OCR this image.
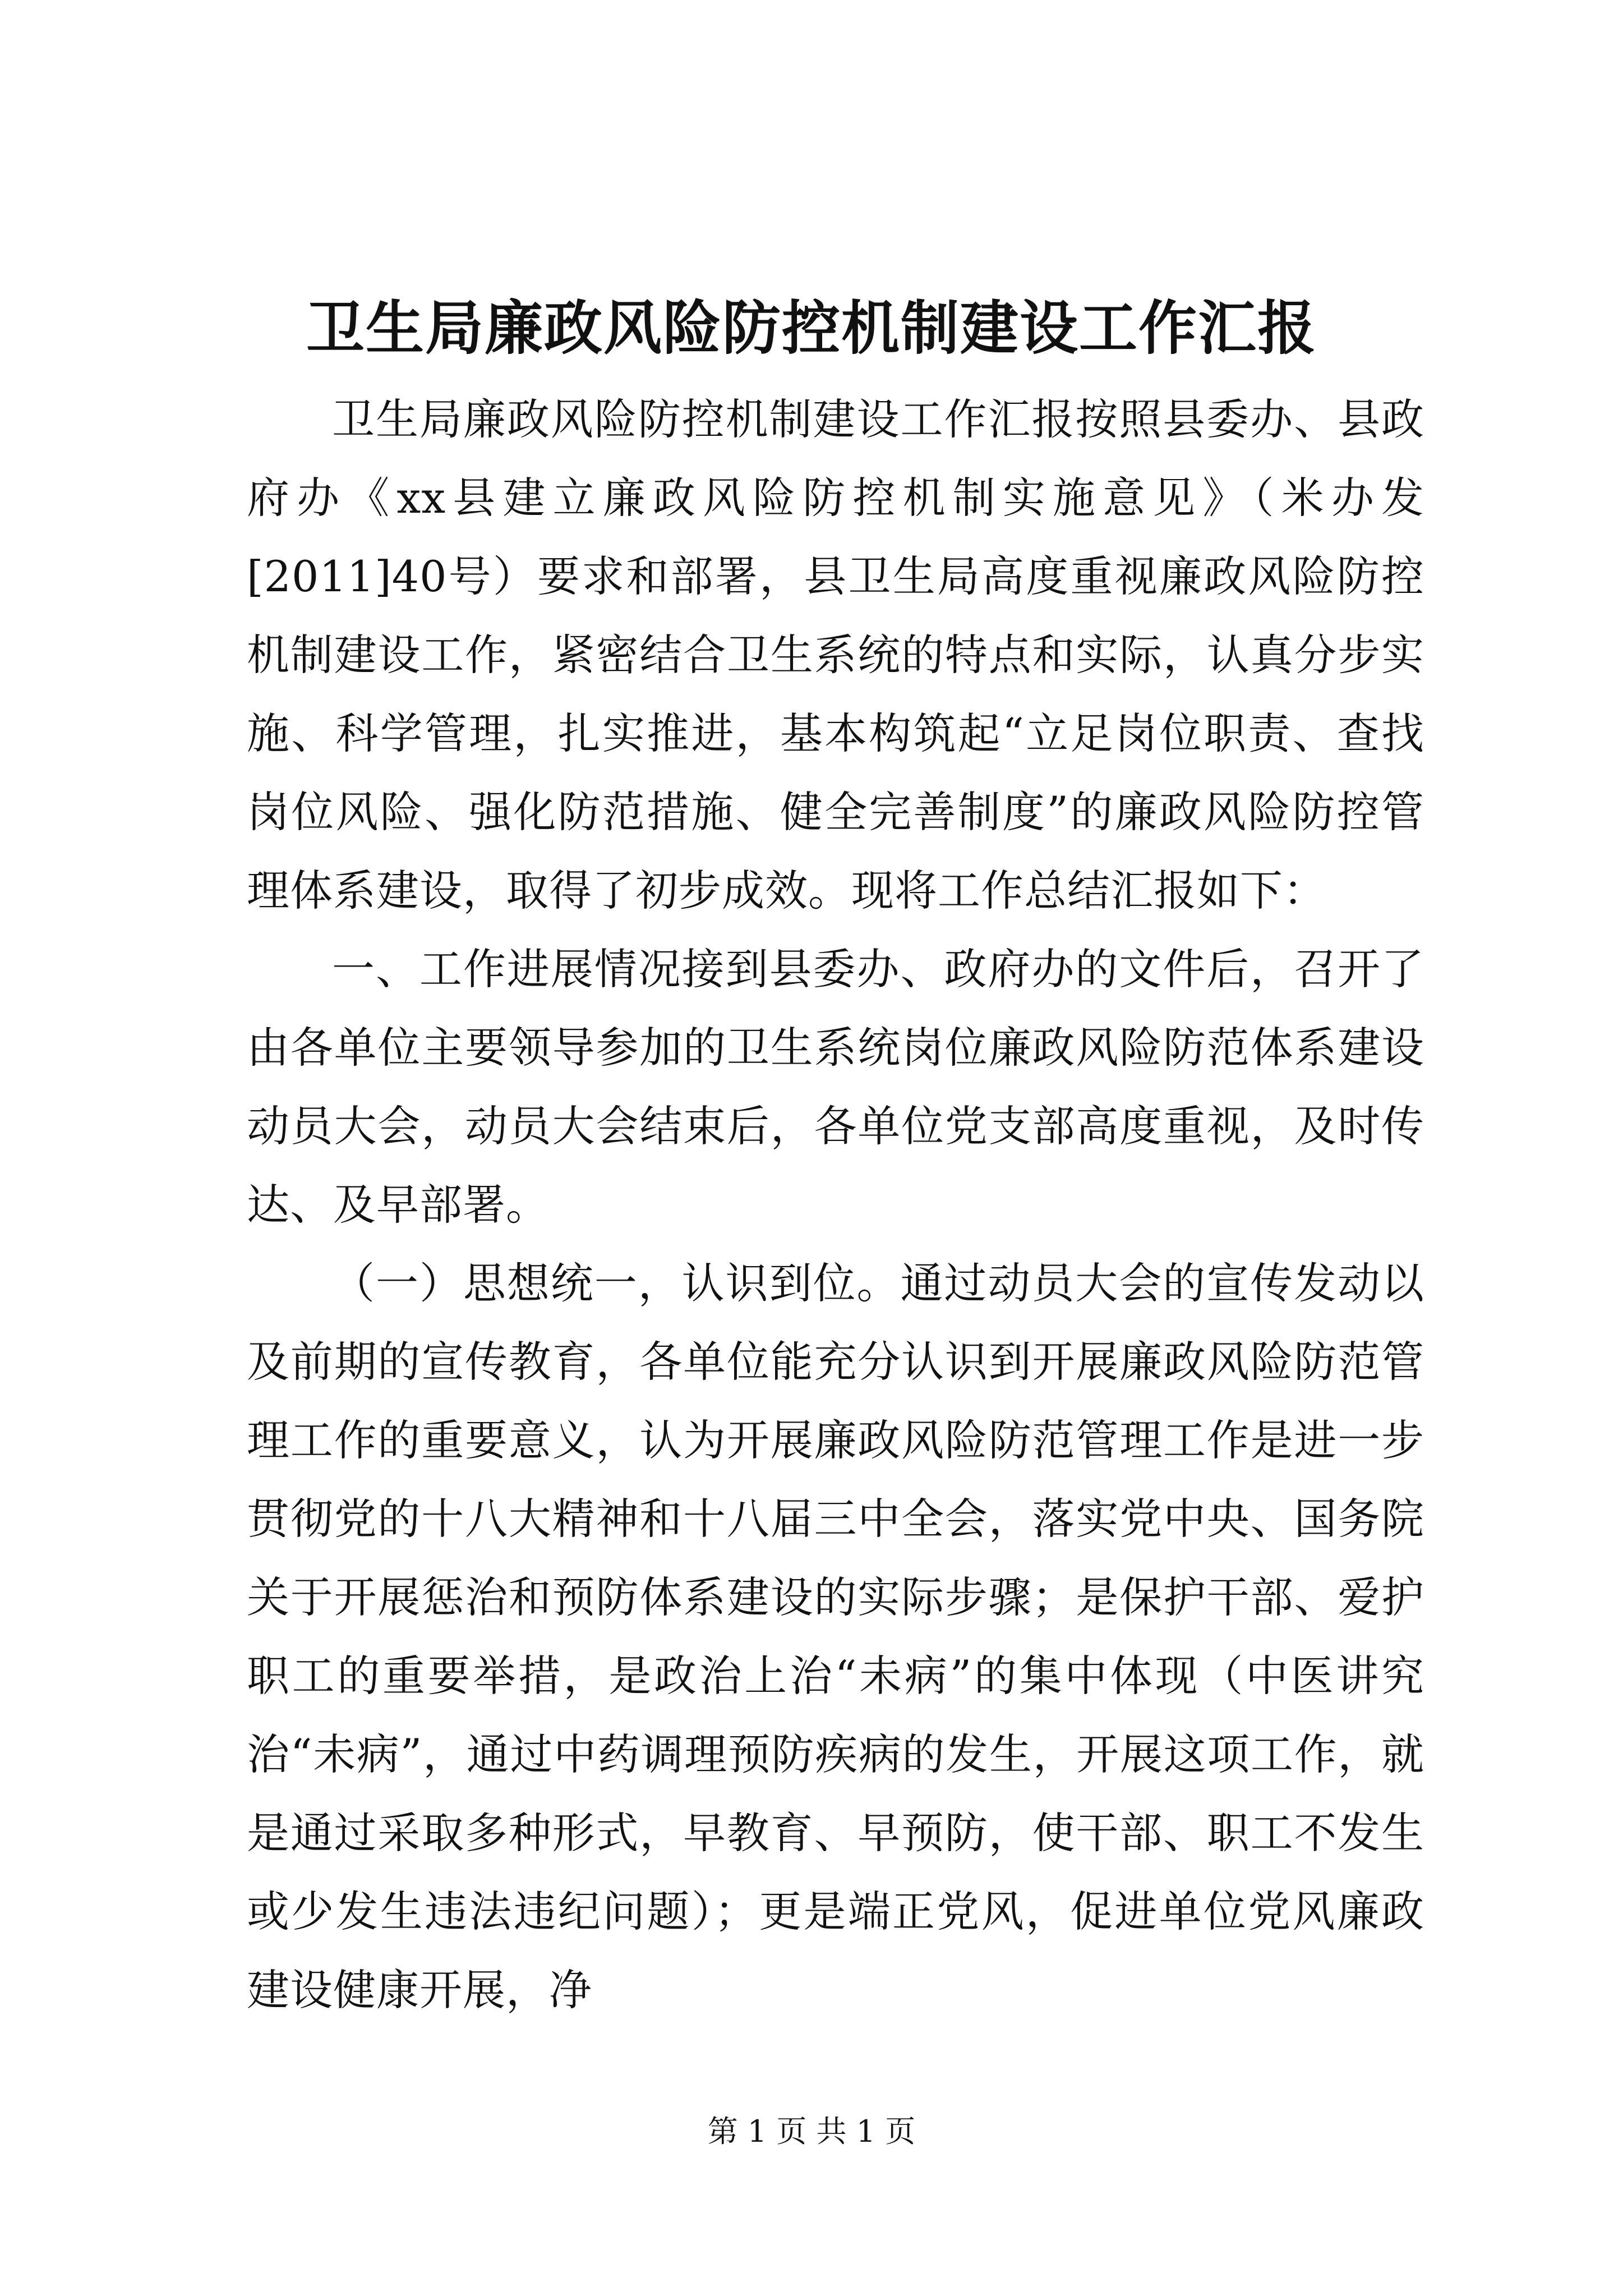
卫生局廉政风险防控机制建设工作汇报

卫生局廉政风险防控机制建设工作汇报按照县委办、县政府办《xx县建立廉政风险防控机制实施意见》（米办发[2011]40号）要求和部署，县卫生局高度重视廉政风险防控机制建设工作，紧密结合卫生系统的特点和实际，认真分步实施、科学管理，扎实推进，基本构筑起“立足岗位职责、查找岗位风险、强化防范措施、健全完善制度”的廉政风险防控管理体系建设，取得了初步成效。现将工作总结汇报如下：

一、工作进展情况接到县委办、政府办的文件后，召开了由各单位主要领导参加的卫生系统岗位廉政风险防范体系建设动员大会，动员大会结束后，各单位党支部高度重视，及时传达、及早部署。

（一）思想统一，认识到位。通过动员大会的宣传发动以及前期的宣传教育，各单位能充分认识到开展廉政风险防范管理工作的重要意义，认为开展廉政风险防范管理工作是进一步贯彻党的十八大精神和十八届三中全会，落实党中央、国务院关于开展惩治和预防体系建设的实际步骤；是保护干部、爱护职工的重要举措，是政治上治“未病”的集中体现（中医讲究治“未病”，通过中药调理预防疾病的发生，开展这项工作，就是通过采取多种形式，早教育、早预防，使干部、职工不发生或少发生违法违纪问题）；更是端正党风，促进单位党风廉政建设健康开展，净

第 1 页 共 1 页
